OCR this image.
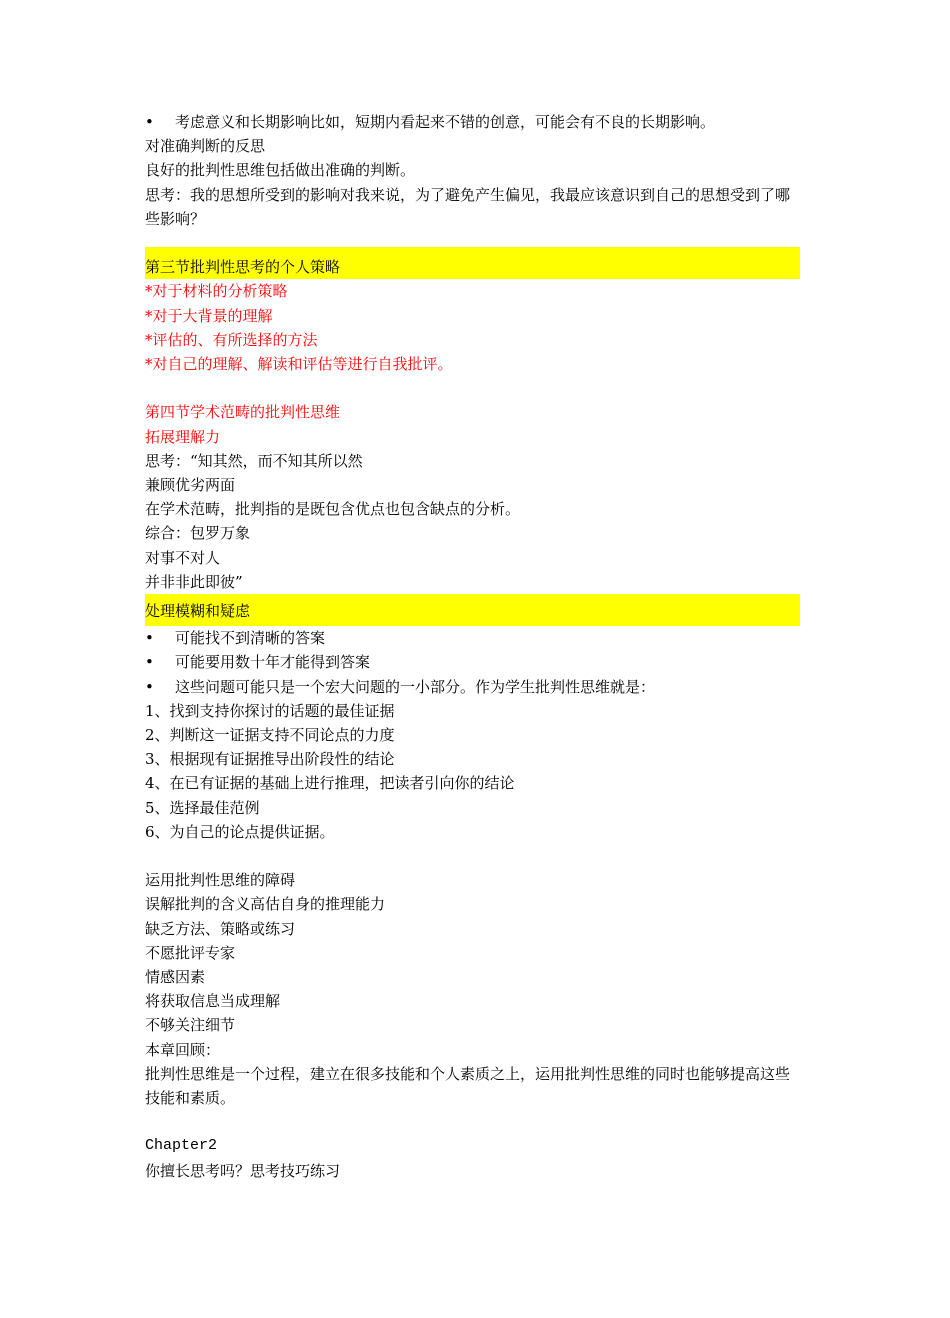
• 考虑意义和长期影响比如，短期内看起来不错的创意，可能会有不良的长期影响。
对准确判断的反思
良好的批判性思维包括做出准确的判断。
思考：我的思想所受到的影响对我来说，为了避免产生偏见，我最应该意识到自己的思想受到了哪些影响？
第三节批判性思考的个人策略
*对于材料的分析策略
*对于大背景的理解
*评估的、有所选择的方法
*对自己的理解、解读和评估等进行自我批评。
第四节学术范畴的批判性思维
拓展理解力
思考：“知其然，而不知其所以然
兼顾优劣两面
在学术范畴，批判指的是既包含优点也包含缺点的分析。
综合：包罗万象
对事不对人
并非非此即彼”
处理模糊和疑虑
• 可能找不到清晰的答案
• 可能要用数十年才能得到答案
• 这些问题可能只是一个宏大问题的一小部分。作为学生批判性思维就是：
1、找到支持你探讨的话题的最佳证据
2、判断这一证据支持不同论点的力度
3、根据现有证据推导出阶段性的结论
4、在已有证据的基础上进行推理，把读者引向你的结论
5、选择最佳范例
6、为自己的论点提供证据。
运用批判性思维的障碍
误解批判的含义高估自身的推理能力
缺乏方法、策略或练习
不愿批评专家
情感因素
将获取信息当成理解
不够关注细节
本章回顾：
批判性思维是一个过程，建立在很多技能和个人素质之上，运用批判性思维的同时也能够提高这些技能和素质。
Chapter2
你擅长思考吗？思考技巧练习
